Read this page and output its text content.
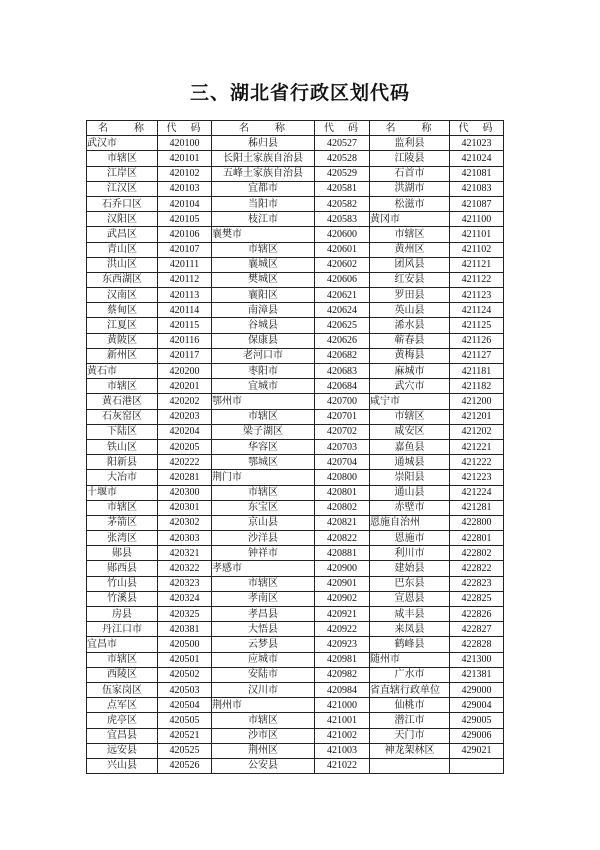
三、湖北省行政区划代码
名　　称	代　码	名　　称	代　码	名　　称	代　码
武汉市	420100	秭归县	420527	监利县	421023
市辖区	420101	长阳土家族自治县	420528	江陵县	421024
江岸区	420102	五峰土家族自治县	420529	石首市	421081
江汉区	420103	宜都市	420581	洪湖市	421083
石乔口区	420104	当阳市	420582	松滋市	421087
汉阳区	420105	枝江市	420583	黄冈市	421100
武昌区	420106	襄樊市	420600	市辖区	421101
青山区	420107	市辖区	420601	黄州区	421102
洪山区	420111	襄城区	420602	团风县	421121
东西湖区	420112	樊城区	420606	红安县	421122
汉南区	420113	襄阳区	420621	罗田县	421123
蔡甸区	420114	南漳县	420624	英山县	421124
江夏区	420115	谷城县	420625	浠水县	421125
黄陂区	420116	保康县	420626	蕲春县	421126
新州区	420117	老河口市	420682	黄梅县	421127
黄石市	420200	枣阳市	420683	麻城市	421181
市辖区	420201	宜城市	420684	武穴市	421182
黄石港区	420202	鄂州市	420700	咸宁市	421200
石灰窑区	420203	市辖区	420701	市辖区	421201
下陆区	420204	梁子湖区	420702	咸安区	421202
铁山区	420205	华容区	420703	嘉鱼县	421221
阳新县	420222	鄂城区	420704	通城县	421222
大冶市	420281	荆门市	420800	崇阳县	421223
十堰市	420300	市辖区	420801	通山县	421224
市辖区	420301	东宝区	420802	赤壁市	421281
茅箭区	420302	京山县	420821	恩施自治州	422800
张湾区	420303	沙洋县	420822	恩施市	422801
郧县	420321	钟祥市	420881	利川市	422802
郧西县	420322	孝感市	420900	建始县	422822
竹山县	420323	市辖区	420901	巴东县	422823
竹溪县	420324	孝南区	420902	宣恩县	422825
房县	420325	孝昌县	420921	咸丰县	422826
丹江口市	420381	大悟县	420922	来凤县	422827
宜昌市	420500	云梦县	420923	鹤峰县	422828
市辖区	420501	应城市	420981	随州市	421300
西陵区	420502	安陆市	420982	广水市	421381
伍家岗区	420503	汉川市	420984	省直辖行政单位	429000
点军区	420504	荆州市	421000	仙桃市	429004
虎亭区	420505	市辖区	421001	潜江市	429005
宜昌县	420521	沙市区	421002	天门市	429006
远安县	420525	荆州区	421003	神龙架林区	429021
兴山县	420526	公安县	421022		
